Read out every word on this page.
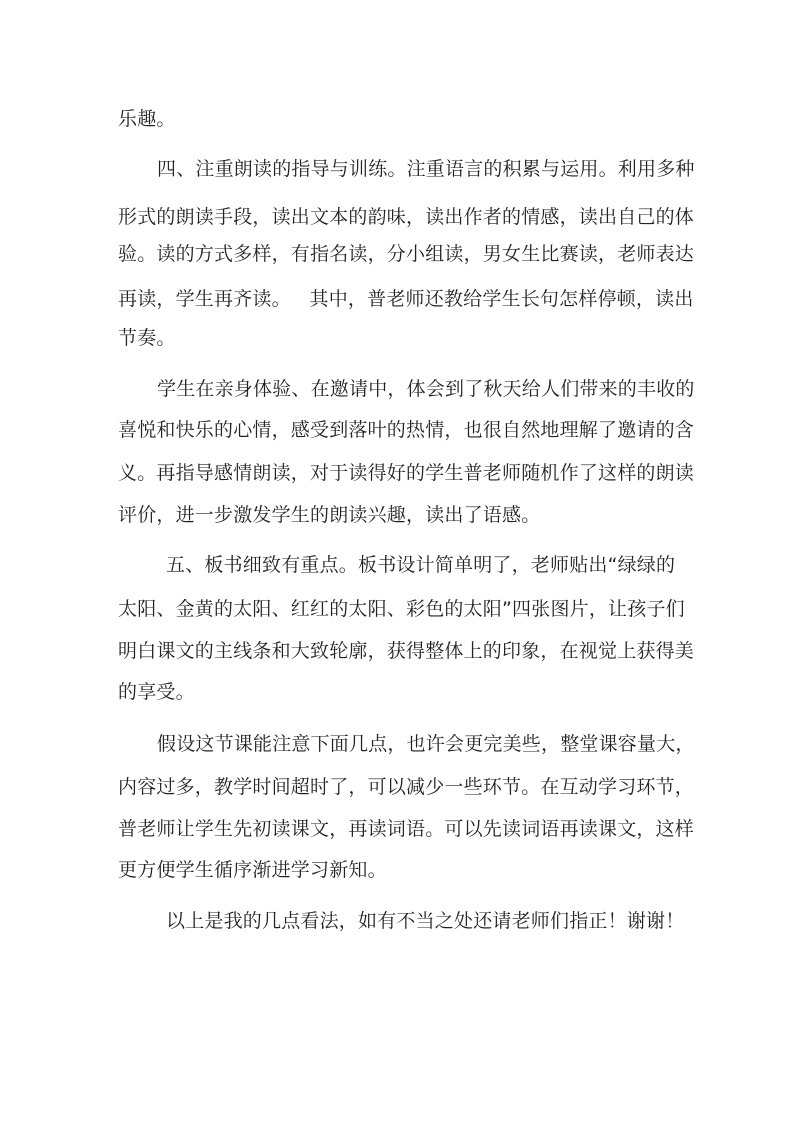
乐趣。
四、注重朗读的指导与训练。注重语言的积累与运用。利用多种
形式的朗读手段，读出文本的韵味，读出作者的情感，读出自己的体
验。读的方式多样，有指名读，分小组读，男女生比赛读，老师表达
再读，学生再齐读。   其中，普老师还教给学生长句怎样停顿，读出
节奏。
学生在亲身体验、在邀请中，体会到了秋天给人们带来的丰收的
喜悦和快乐的心情，感受到落叶的热情，也很自然地理解了邀请的含
义。再指导感情朗读，对于读得好的学生普老师随机作了这样的朗读
评价，进一步激发学生的朗读兴趣，读出了语感。
五、板书细致有重点。板书设计简单明了，老师贴出“绿绿的
太阳、金黄的太阳、红红的太阳、彩色的太阳”四张图片，让孩子们
明白课文的主线条和大致轮廓，获得整体上的印象，在视觉上获得美
的享受。
假设这节课能注意下面几点，也许会更完美些，整堂课容量大，
内容过多，教学时间超时了，可以减少一些环节。在互动学习环节，
普老师让学生先初读课文，再读词语。可以先读词语再读课文，这样
更方便学生循序渐进学习新知。
以上是我的几点看法，如有不当之处还请老师们指正！谢谢！
